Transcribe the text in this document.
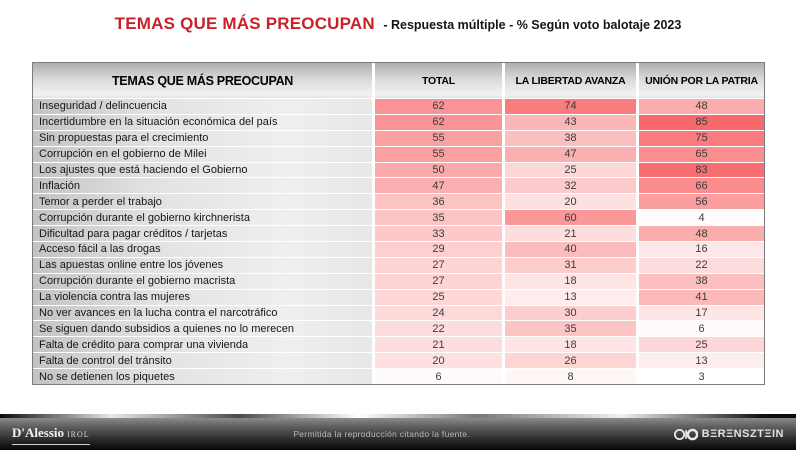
TEMAS QUE MÁS PREOCUPAN - Respuesta múltiple - % Según voto balotaje 2023
TEMAS QUE MÁS PREOCUPAN	TOTAL	LA LIBERTAD AVANZA	UNIÓN POR LA PATRIA
Inseguridad / delincuencia	62	74	48
Incertidumbre en la situación económica del país	62	43	85
Sin propuestas para el crecimiento	55	38	75
Corrupción en el gobierno de Milei	55	47	65
Los ajustes que está haciendo el Gobierno	50	25	83
Inflación	47	32	66
Temor a perder el trabajo	36	20	56
Corrupción durante el gobierno kirchnerista	35	60	4
Dificultad para pagar créditos / tarjetas	33	21	48
Acceso fácil a las drogas	29	40	16
Las apuestas online entre los jóvenes	27	31	22
Corrupción durante el gobierno macrista	27	18	38
La violencia contra las mujeres	25	13	41
No ver avances en la lucha contra el narcotráfico	24	30	17
Se siguen dando subsidios a quienes no lo merecen	22	35	6
Falta de crédito para comprar una vivienda	21	18	25
Falta de control del tránsito	20	26	13
No se detienen los piquetes	6	8	3
D'Alessio IROL	Permitida la reproducción citando la fuente.	BΞRΞNSZTΞIN
